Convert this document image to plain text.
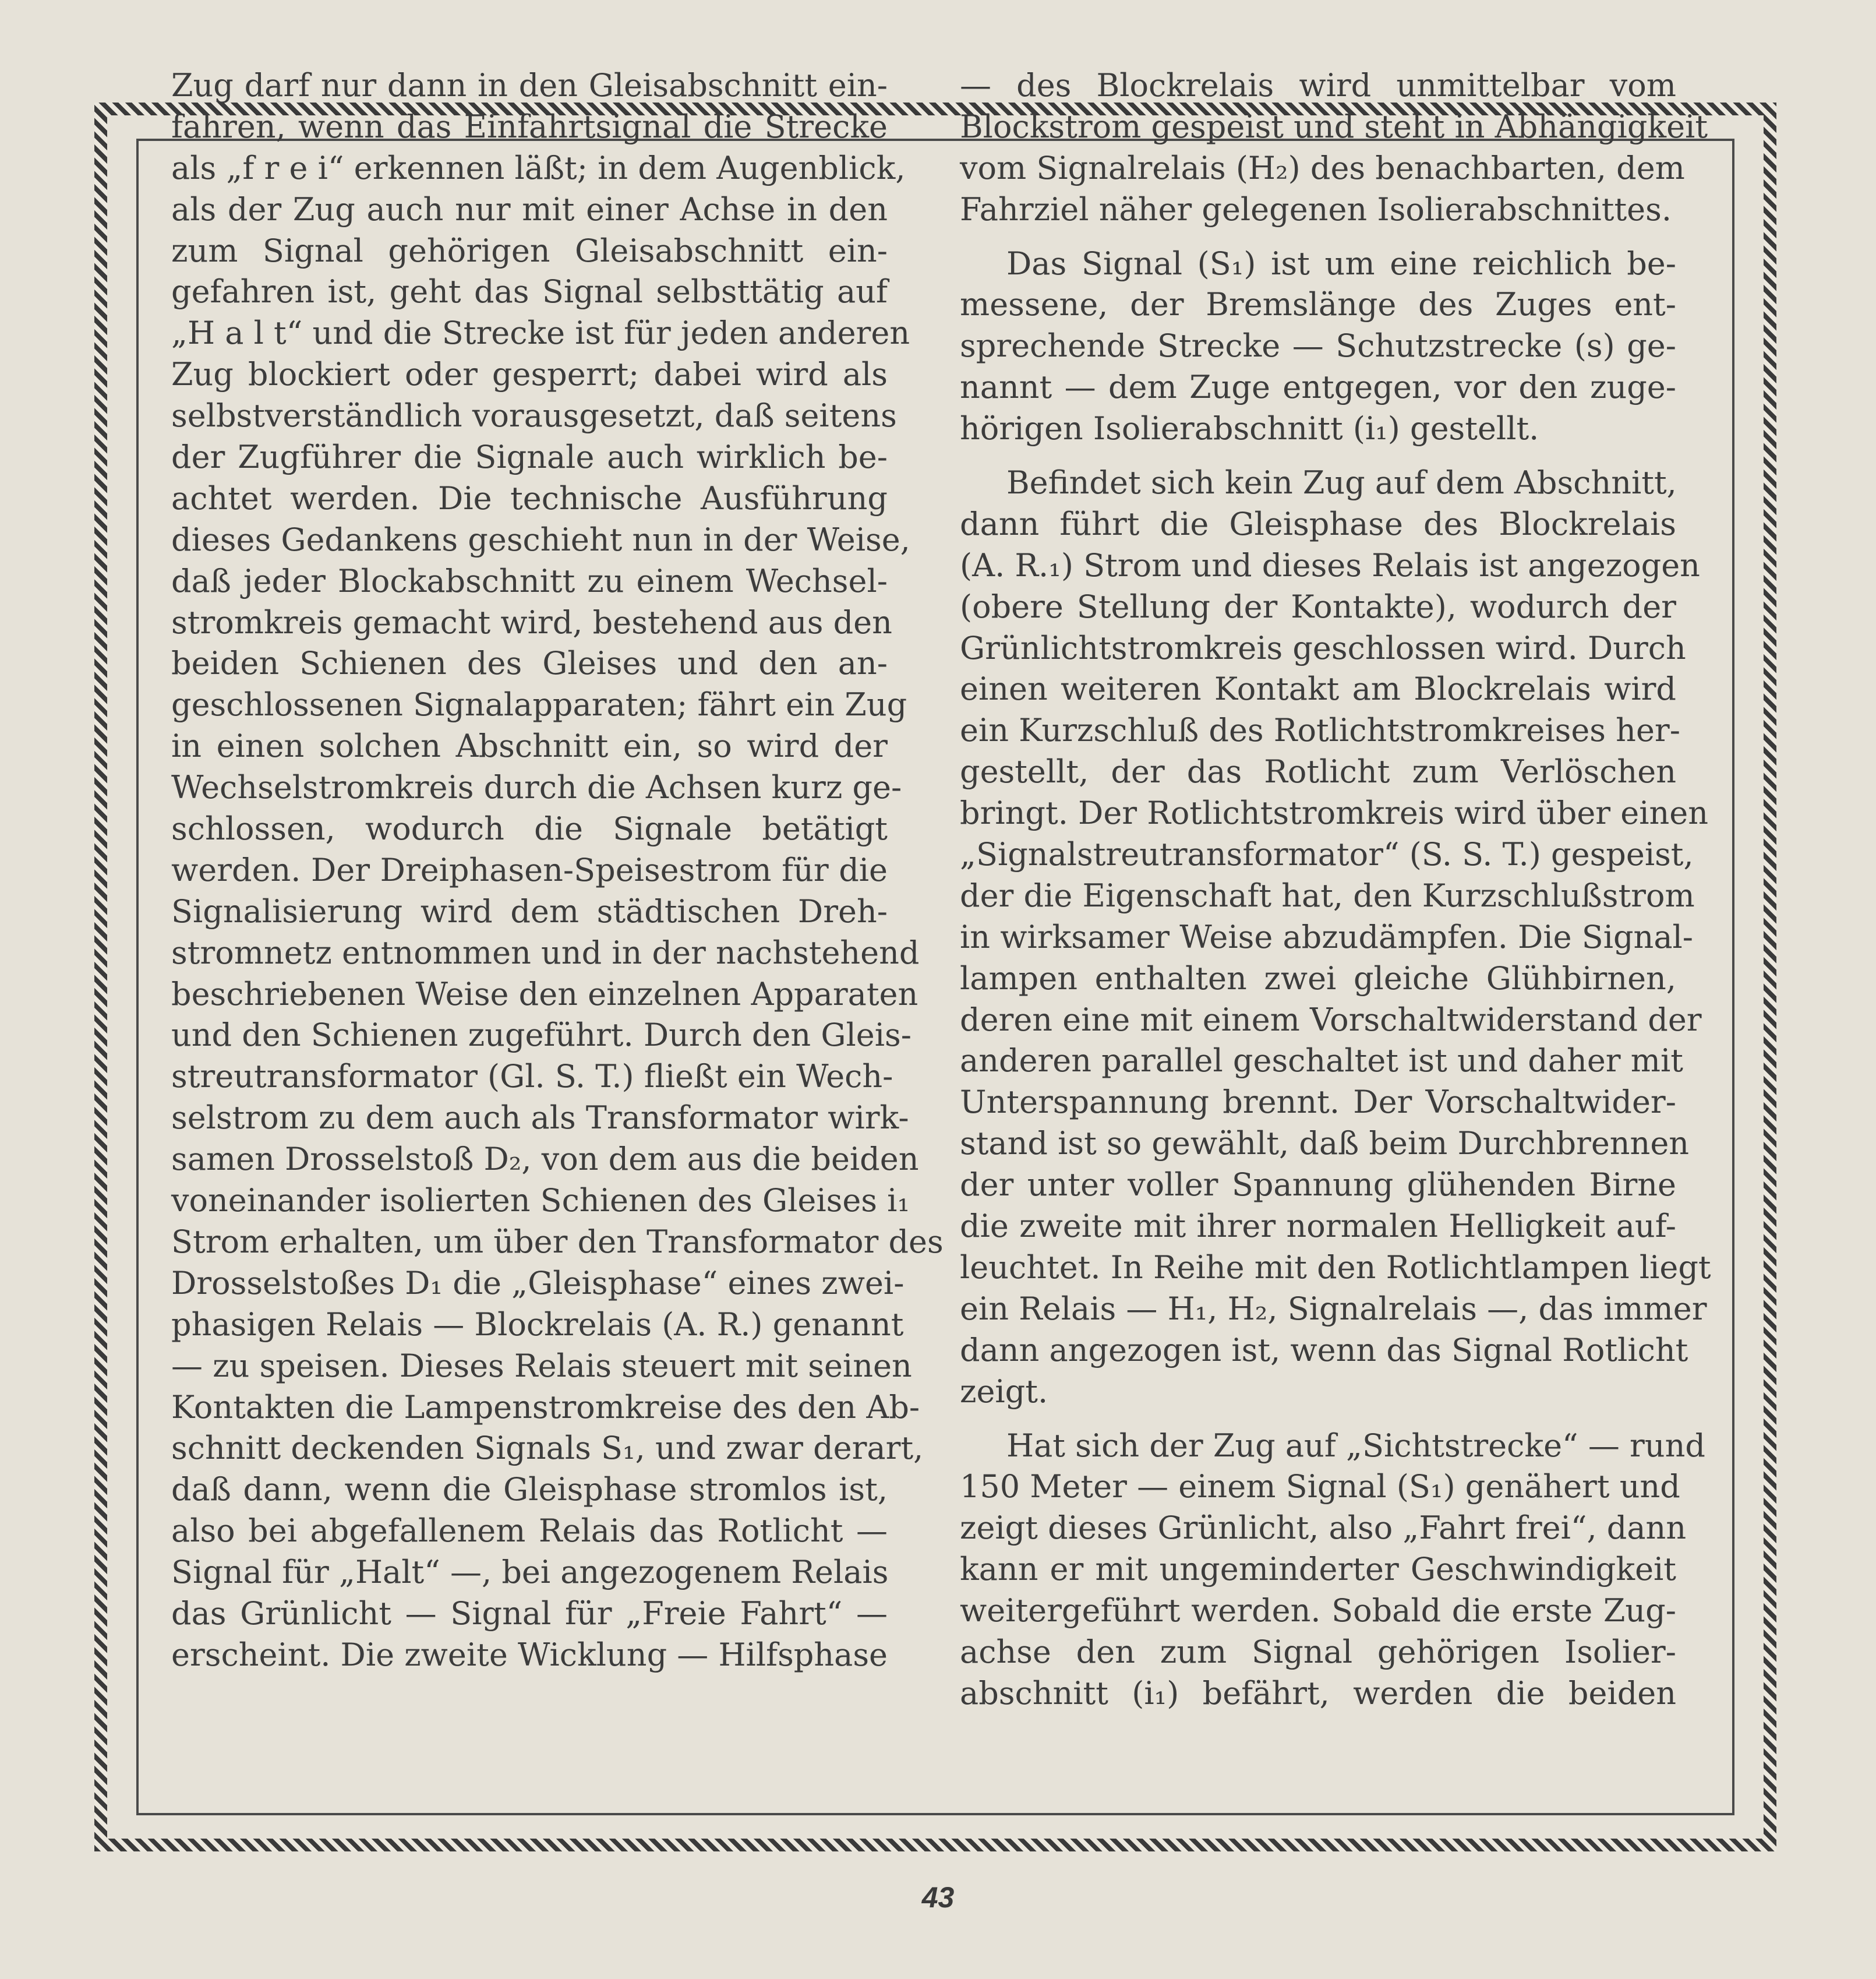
Zug darf nur dann in den Gleisabschnitt ein-
fahren, wenn das Einfahrtsignal die Strecke
als „f r e i“ erkennen läßt; in dem Augenblick,
als der Zug auch nur mit einer Achse in den
zum Signal gehörigen Gleisabschnitt ein-
gefahren ist, geht das Signal selbsttätig auf
„H a l t“ und die Strecke ist für jeden anderen
Zug blockiert oder gesperrt; dabei wird als
selbstverständlich vorausgesetzt, daß seitens
der Zugführer die Signale auch wirklich be-
achtet werden. Die technische Ausführung
dieses Gedankens geschieht nun in der Weise,
daß jeder Blockabschnitt zu einem Wechsel-
stromkreis gemacht wird, bestehend aus den
beiden Schienen des Gleises und den an-
geschlossenen Signalapparaten; fährt ein Zug
in einen solchen Abschnitt ein, so wird der
Wechselstromkreis durch die Achsen kurz ge-
schlossen, wodurch die Signale betätigt
werden. Der Dreiphasen-Speisestrom für die
Signalisierung wird dem städtischen Dreh-
stromnetz entnommen und in der nachstehend
beschriebenen Weise den einzelnen Apparaten
und den Schienen zugeführt. Durch den Gleis-
streutransformator (Gl. S. T.) fließt ein Wech-
selstrom zu dem auch als Transformator wirk-
samen Drosselstoß D₂, von dem aus die beiden
voneinander isolierten Schienen des Gleises i₁
Strom erhalten, um über den Transformator des
Drosselstoßes D₁ die „Gleisphase“ eines zwei-
phasigen Relais — Blockrelais (A. R.) genannt
— zu speisen. Dieses Relais steuert mit seinen
Kontakten die Lampenstromkreise des den Ab-
schnitt deckenden Signals S₁, und zwar derart,
daß dann, wenn die Gleisphase stromlos ist,
also bei abgefallenem Relais das Rotlicht —
Signal für „Halt“ —, bei angezogenem Relais
das Grünlicht — Signal für „Freie Fahrt“ —
erscheint. Die zweite Wicklung — Hilfsphase
— des Blockrelais wird unmittelbar vom
Blockstrom gespeist und steht in Abhängigkeit
vom Signalrelais (H₂) des benachbarten, dem
Fahrziel näher gelegenen Isolierabschnittes.
Das Signal (S₁) ist um eine reichlich be-
messene, der Bremslänge des Zuges ent-
sprechende Strecke — Schutzstrecke (s) ge-
nannt — dem Zuge entgegen, vor den zuge-
hörigen Isolierabschnitt (i₁) gestellt.
Befindet sich kein Zug auf dem Abschnitt,
dann führt die Gleisphase des Blockrelais
(A. R.₁) Strom und dieses Relais ist angezogen
(obere Stellung der Kontakte), wodurch der
Grünlichtstromkreis geschlossen wird. Durch
einen weiteren Kontakt am Blockrelais wird
ein Kurzschluß des Rotlichtstromkreises her-
gestellt, der das Rotlicht zum Verlöschen
bringt. Der Rotlichtstromkreis wird über einen
„Signalstreutransformator“ (S. S. T.) gespeist,
der die Eigenschaft hat, den Kurzschlußstrom
in wirksamer Weise abzudämpfen. Die Signal-
lampen enthalten zwei gleiche Glühbirnen,
deren eine mit einem Vorschaltwiderstand der
anderen parallel geschaltet ist und daher mit
Unterspannung brennt. Der Vorschaltwider-
stand ist so gewählt, daß beim Durchbrennen
der unter voller Spannung glühenden Birne
die zweite mit ihrer normalen Helligkeit auf-
leuchtet. In Reihe mit den Rotlichtlampen liegt
ein Relais — H₁, H₂, Signalrelais —, das immer
dann angezogen ist, wenn das Signal Rotlicht
zeigt.
Hat sich der Zug auf „Sichtstrecke“ — rund
150 Meter — einem Signal (S₁) genähert und
zeigt dieses Grünlicht, also „Fahrt frei“, dann
kann er mit ungeminderter Geschwindigkeit
weitergeführt werden. Sobald die erste Zug-
achse den zum Signal gehörigen Isolier-
abschnitt (i₁) befährt, werden die beiden
43
